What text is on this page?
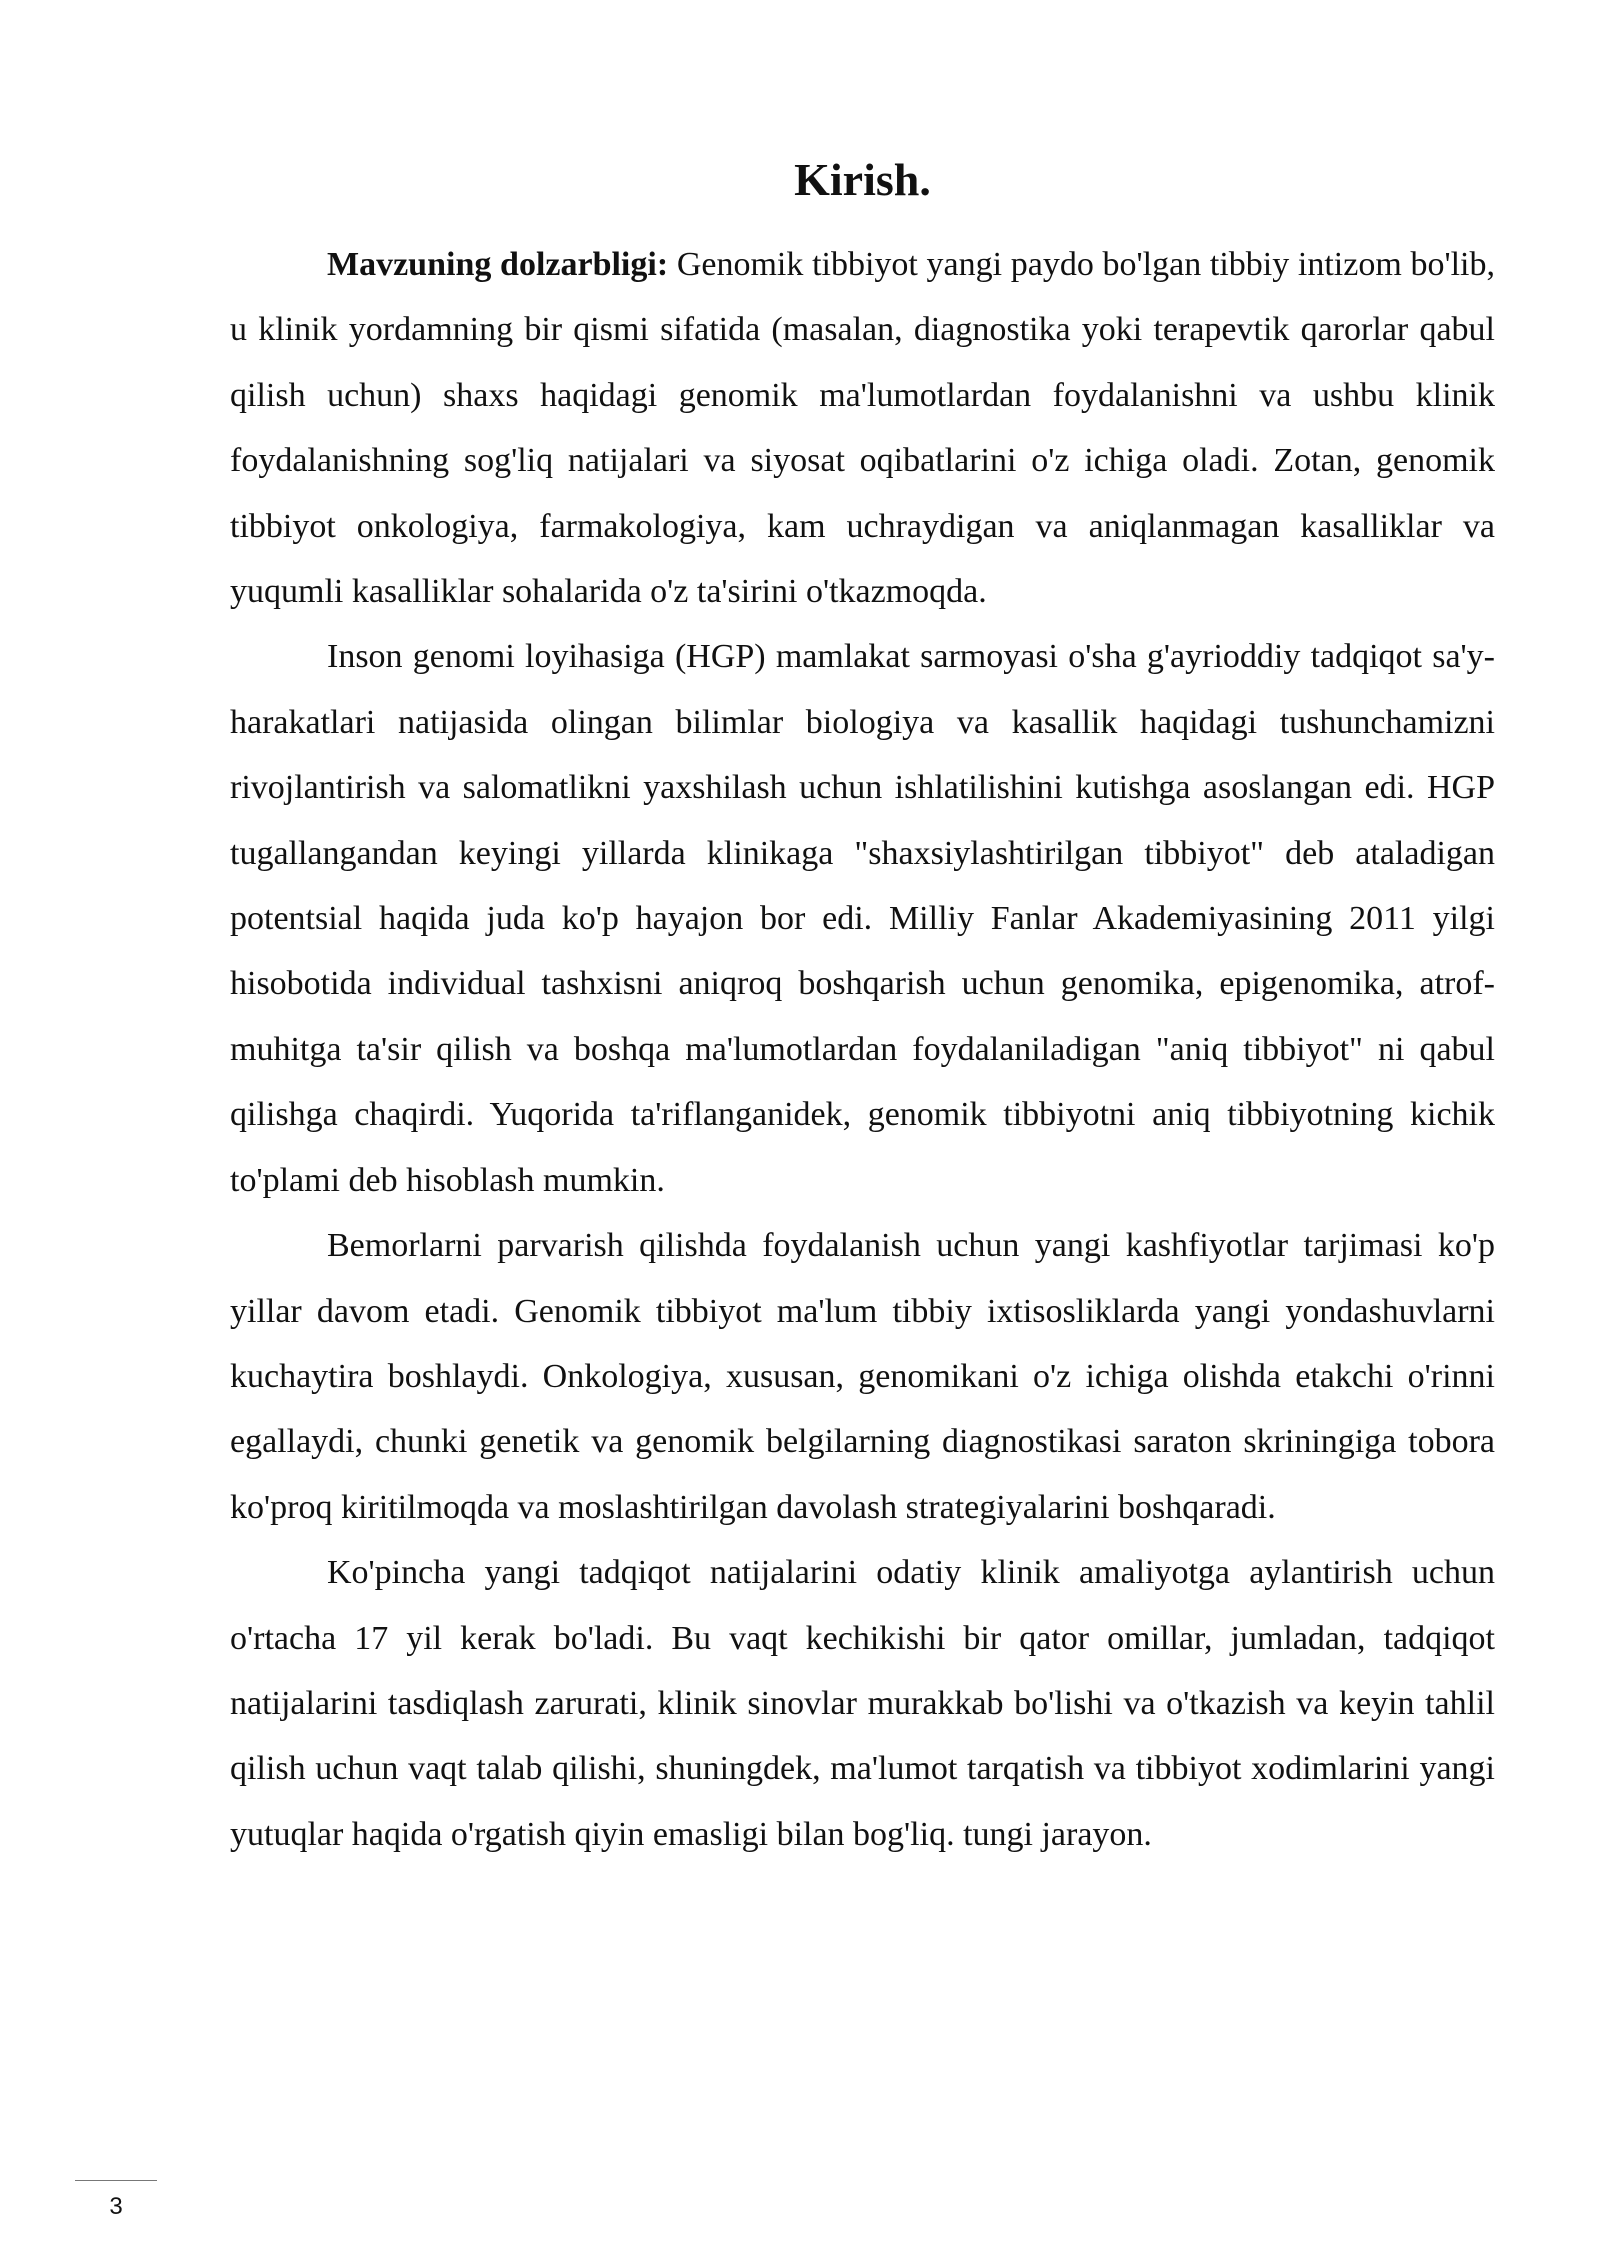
Kirish.

Mavzuning dolzarbligi: Genomik tibbiyot yangi paydo bo'lgan tibbiy intizom bo'lib, u klinik yordamning bir qismi sifatida (masalan, diagnostika yoki terapevtik qarorlar qabul qilish uchun) shaxs haqidagi genomik ma'lumotlardan foydalanishni va ushbu klinik foydalanishning sog'liq natijalari va siyosat oqibatlarini o'z ichiga oladi. Zotan, genomik tibbiyot onkologiya, farmakologiya, kam uchraydigan va aniqlanmagan kasalliklar va yuqumli kasalliklar sohalarida o'z ta'sirini o'tkazmoqda.

Inson genomi loyihasiga (HGP) mamlakat sarmoyasi o'sha g'ayrioddiy tadqiqot sa'y-harakatlari natijasida olingan bilimlar biologiya va kasallik haqidagi tushunchamizni rivojlantirish va salomatlikni yaxshilash uchun ishlatilishini kutishga asoslangan edi. HGP tugallangandan keyingi yillarda klinikaga "shaxsiylashtirilgan tibbiyot" deb ataladigan potentsial haqida juda ko'p hayajon bor edi. Milliy Fanlar Akademiyasining 2011 yilgi hisobotida individual tashxisni aniqroq boshqarish uchun genomika, epigenomika, atrof-muhitga ta'sir qilish va boshqa ma'lumotlardan foydalaniladigan "aniq tibbiyot" ni qabul qilishga chaqirdi. Yuqorida ta'riflanganidek, genomik tibbiyotni aniq tibbiyotning kichik to'plami deb hisoblash mumkin.

Bemorlarni parvarish qilishda foydalanish uchun yangi kashfiyotlar tarjimasi ko'p yillar davom etadi. Genomik tibbiyot ma'lum tibbiy ixtisosliklarda yangi yondashuvlarni kuchaytira boshlaydi. Onkologiya, xususan, genomikani o'z ichiga olishda etakchi o'rinni egallaydi, chunki genetik va genomik belgilarning diagnostikasi saraton skriningiga tobora ko'proq kiritilmoqda va moslashtirilgan davolash strategiyalarini boshqaradi.

Ko'pincha yangi tadqiqot natijalarini odatiy klinik amaliyotga aylantirish uchun o'rtacha 17 yil kerak bo'ladi. Bu vaqt kechikishi bir qator omillar, jumladan, tadqiqot natijalarini tasdiqlash zarurati, klinik sinovlar murakkab bo'lishi va o'tkazish va keyin tahlil qilish uchun vaqt talab qilishi, shuningdek, ma'lumot tarqatish va tibbiyot xodimlarini yangi yutuqlar haqida o'rgatish qiyin emasligi bilan bog'liq. tungi jarayon.

3
